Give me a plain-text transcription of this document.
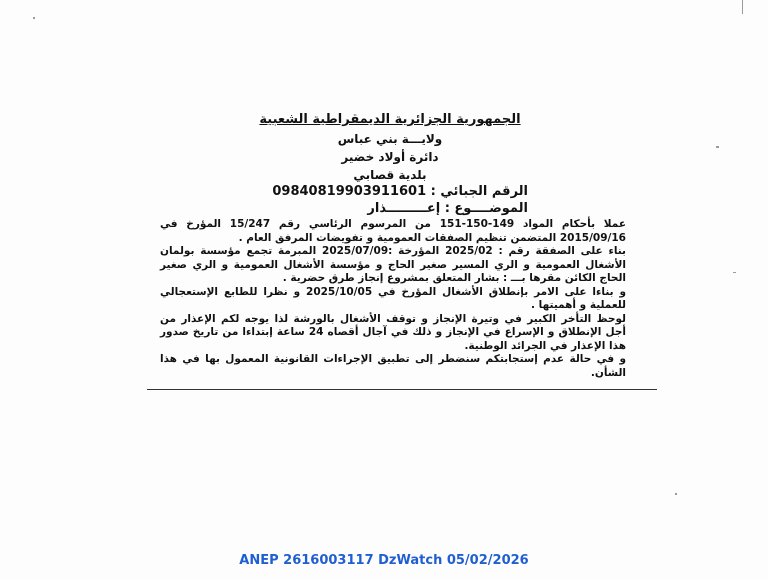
الجمهورية الجزائرية الديمقراطية الشعبية
ولايـــة بني عباس
دائرة أولاد خضير
بلدية قصابي
الرقم الجبائي : 09840819903911601
الموضــــوع : إعـــــــــذار

عملا بأحكام المواد 149-150-151 من المرسوم الرئاسي رقم 15/247 المؤرخ في 2015/09/16 المتضمن تنظيم الصفقات العمومية و تفويضات المرفق العام .

بناء على الصفقة رقم : 2025/02 المؤرخة :2025/07/09 المبرمة تجمع مؤسسة بولمان الأشغال العمومية و الري المسير صغير الحاج و مؤسسة الأشغال العمومية و الري صغير الحاج الكائن مقرها بـــ : بشار المتعلق بمشروع إنجاز طرق حضرية .

و بناءا على الامر بإنطلاق الأشغال المؤرخ في 2025/10/05 و نظرا للطابع الإستعجالي للعملية و أهميتها .

لوحظ التأخر الكبير في وتيرة الإنجاز و توقف الأشغال بالورشة لذا يوجه لكم الإعذار من أجل الإنطلاق و الإسراع في الإنجاز و ذلك في آجال أقصاه 24 ساعة إبتداءا من تاريخ صدور هذا الإعذار في الجرائد الوطنية.

و في حالة عدم إستجابتكم سنضطر إلى تطبيق الإجراءات القانونية المعمول بها في هذا الشأن.

ANEP 2616003117 DzWatch 05/02/2026
